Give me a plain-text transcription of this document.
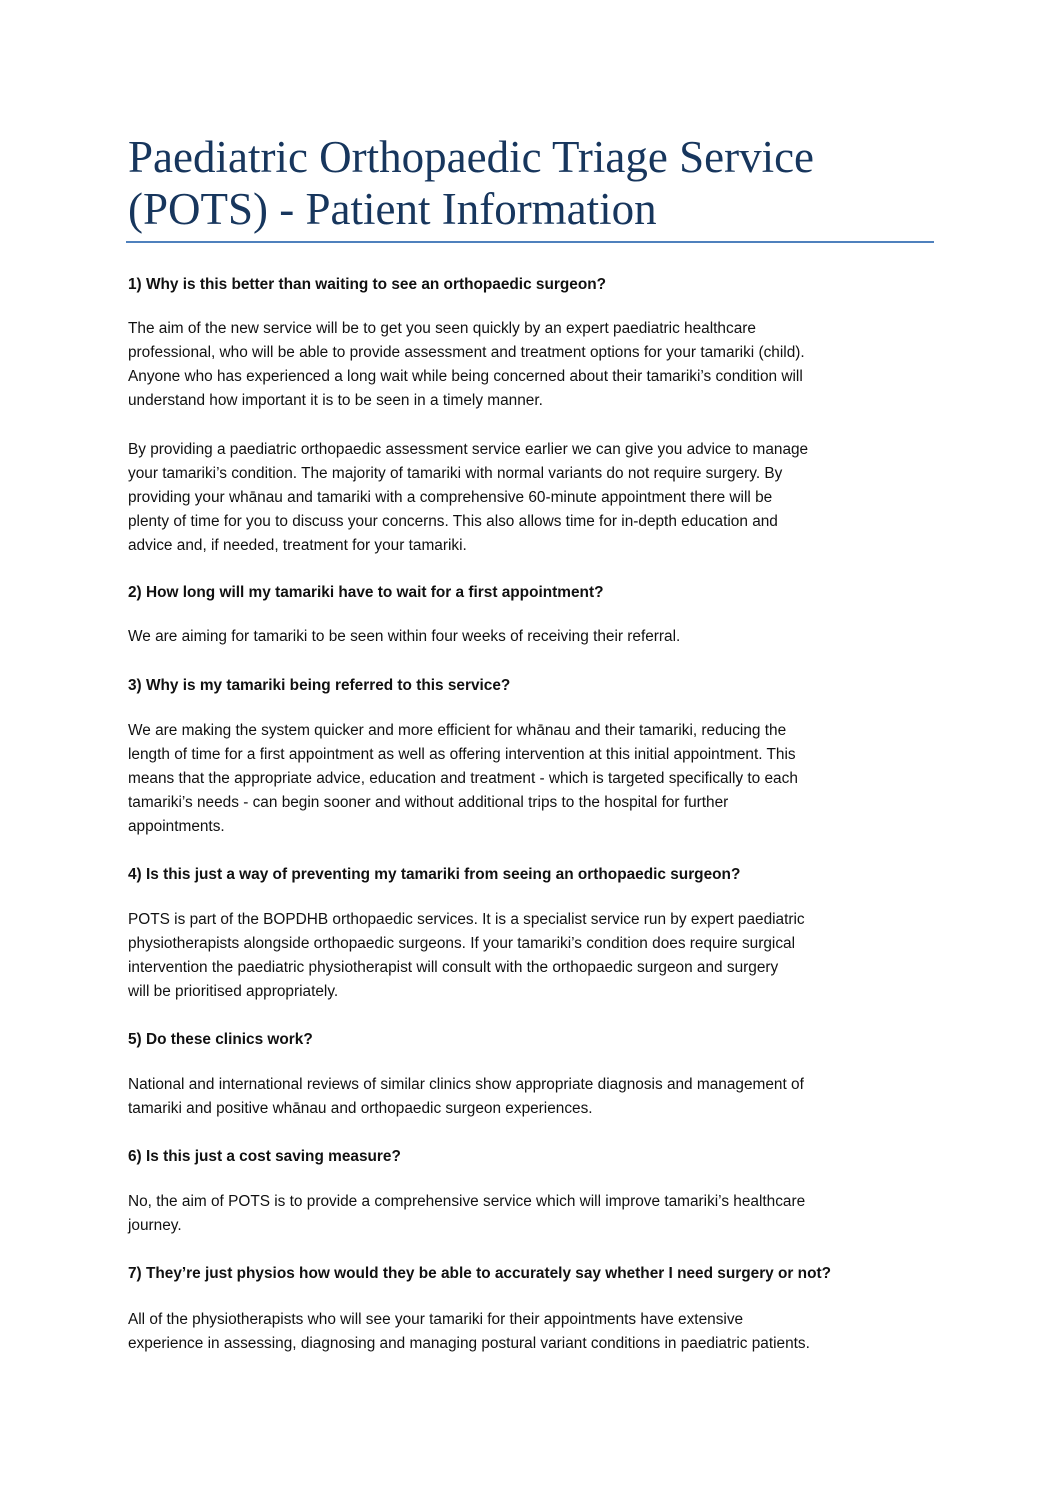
Paediatric Orthopaedic Triage Service
(POTS) - Patient Information
1) Why is this better than waiting to see an orthopaedic surgeon?
The aim of the new service will be to get you seen quickly by an expert paediatric healthcare
professional, who will be able to provide assessment and treatment options for your tamariki (child).
Anyone who has experienced a long wait while being concerned about their tamariki’s condition will
understand how important it is to be seen in a timely manner.
By providing a paediatric orthopaedic assessment service earlier we can give you advice to manage
your tamariki’s condition. The majority of tamariki with normal variants do not require surgery. By
providing your whānau and tamariki with a comprehensive 60-minute appointment there will be
plenty of time for you to discuss your concerns. This also allows time for in-depth education and
advice and, if needed, treatment for your tamariki.
2) How long will my tamariki have to wait for a first appointment?
We are aiming for tamariki to be seen within four weeks of receiving their referral.
3) Why is my tamariki being referred to this service?
We are making the system quicker and more efficient for whānau and their tamariki, reducing the
length of time for a first appointment as well as offering intervention at this initial appointment. This
means that the appropriate advice, education and treatment - which is targeted specifically to each
tamariki’s needs - can begin sooner and without additional trips to the hospital for further
appointments.
4) Is this just a way of preventing my tamariki from seeing an orthopaedic surgeon?
POTS is part of the BOPDHB orthopaedic services. It is a specialist service run by expert paediatric
physiotherapists alongside orthopaedic surgeons. If your tamariki’s condition does require surgical
intervention the paediatric physiotherapist will consult with the orthopaedic surgeon and surgery
will be prioritised appropriately.
5) Do these clinics work?
National and international reviews of similar clinics show appropriate diagnosis and management of
tamariki and positive whānau and orthopaedic surgeon experiences.
6) Is this just a cost saving measure?
No, the aim of POTS is to provide a comprehensive service which will improve tamariki’s healthcare
journey.
7) They’re just physios how would they be able to accurately say whether I need surgery or not?
All of the physiotherapists who will see your tamariki for their appointments have extensive
experience in assessing, diagnosing and managing postural variant conditions in paediatric patients.
